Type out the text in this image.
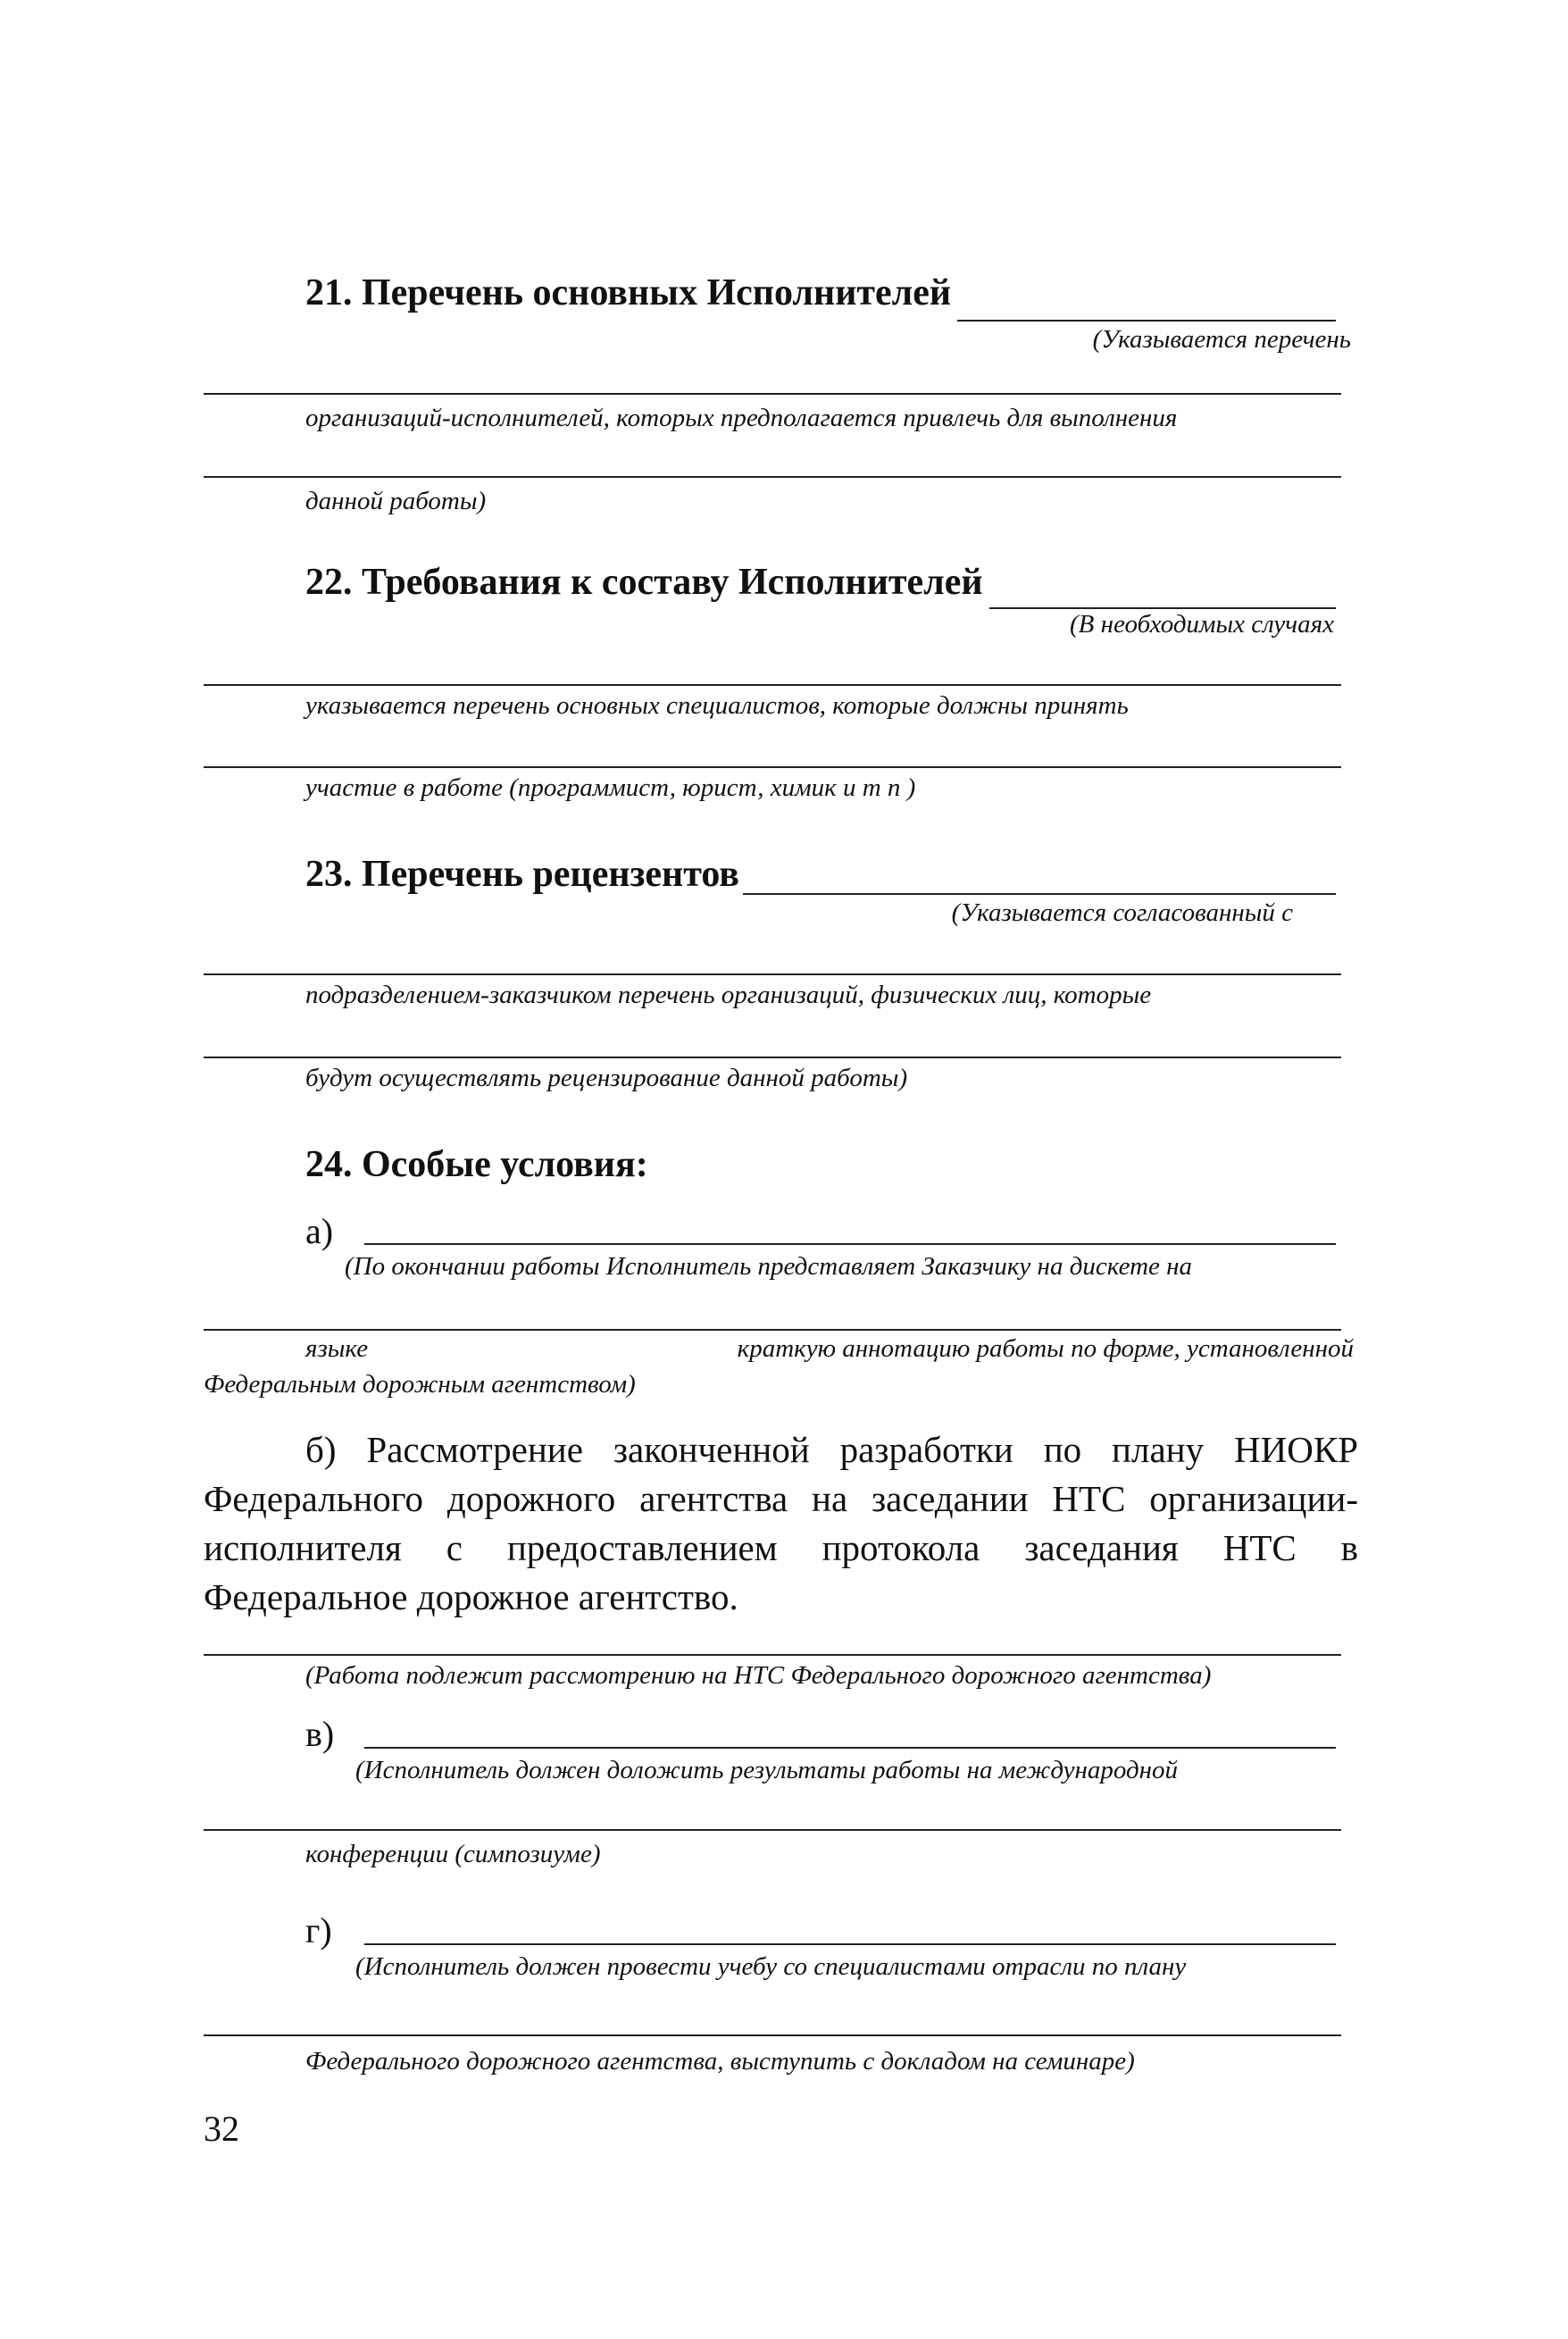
21. Перечень основных Исполнителей
(Указывается перечень
организаций-исполнителей, которых предполагается привлечь для выполнения
данной работы)
22. Требования к составу Исполнителей
(В необходимых случаях
указывается перечень основных специалистов, которые должны принять
участие в работе (программист, юрист, химик и т п )
23. Перечень рецензентов
(Указывается согласованный с
подразделением-заказчиком перечень организаций, физических лиц, которые
будут осуществлять рецензирование данной работы)
24. Особые условия:
а)
(По окончании работы Исполнитель представляет Заказчику на дискете на
языке	краткую аннотацию работы по форме, установленной
Федеральным дорожным агентством)
б) Рассмотрение законченной разработки по плану НИОКР Федерального дорожного агентства на заседании НТС организации-исполнителя с предоставлением протокола заседания НТС в Федеральное дорожное агентство.
(Работа подлежит рассмотрению на НТС Федерального дорожного агентства)
в)
(Исполнитель должен доложить результаты работы на международной
конференции (симпозиуме)
г)
(Исполнитель должен провести учебу со специалистами отрасли по плану
Федерального дорожного агентства, выступить с докладом на семинаре)
32
